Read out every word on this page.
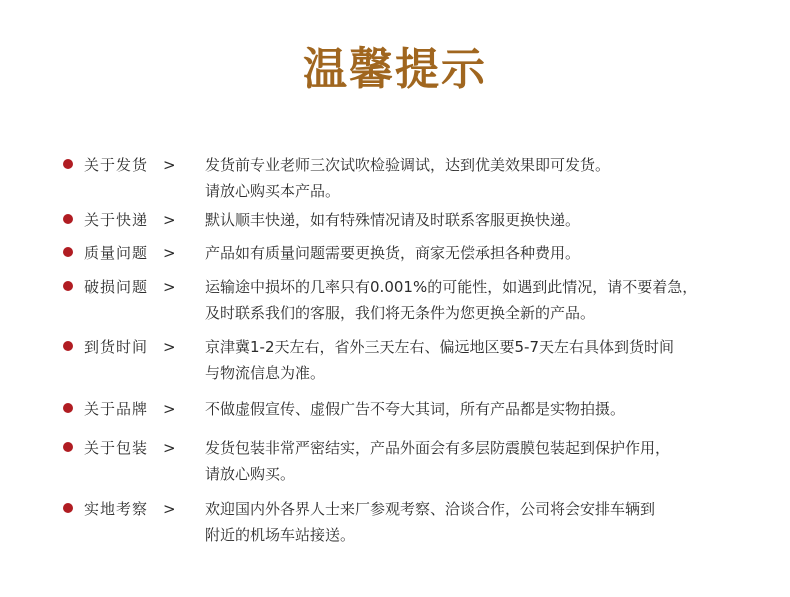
温馨提示
关于发货 > 发货前专业老师三次试吹检验调试，达到优美效果即可发货。
请放心购买本产品。
关于快递 > 默认顺丰快递，如有特殊情况请及时联系客服更换快递。
质量问题 > 产品如有质量问题需要更换货，商家无偿承担各种费用。
破损问题 > 运输途中损坏的几率只有0.001%的可能性，如遇到此情况，请不要着急，
及时联系我们的客服，我们将无条件为您更换全新的产品。
到货时间 > 京津冀1-2天左右，省外三天左右、偏远地区要5-7天左右具体到货时间
与物流信息为准。
关于品牌 > 不做虚假宣传、虚假广告不夸大其词，所有产品都是实物拍摄。
关于包装 > 发货包装非常严密结实，产品外面会有多层防震膜包装起到保护作用，
请放心购买。
实地考察 > 欢迎国内外各界人士来厂参观考察、洽谈合作，公司将会安排车辆到
附近的机场车站接送。
